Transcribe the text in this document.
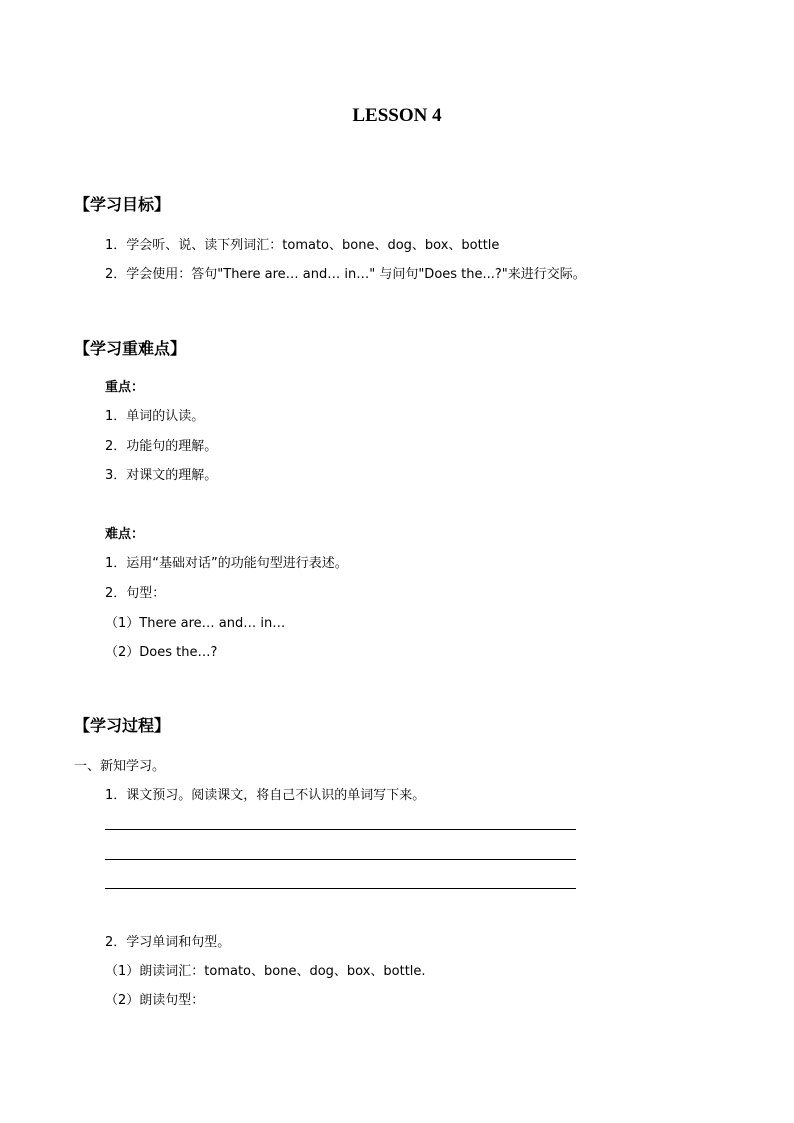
LESSON 4
【学习目标】
1．学会听、说、读下列词汇：tomato、bone、dog、box、bottle
2．学会使用：答句"There are… and… in…" 与问句"Does the...?"来进行交际。
【学习重难点】
重点：
1．单词的认读。
2．功能句的理解。
3．对课文的理解。
难点：
1．运用“基础对话”的功能句型进行表述。
2．句型：
（1）There are… and… in…
（2）Does the…?
【学习过程】
一、新知学习。
1．课文预习。阅读课文，将自己不认识的单词写下来。
2．学习单词和句型。
（1）朗读词汇：tomato、bone、dog、box、bottle.
（2）朗读句型：
